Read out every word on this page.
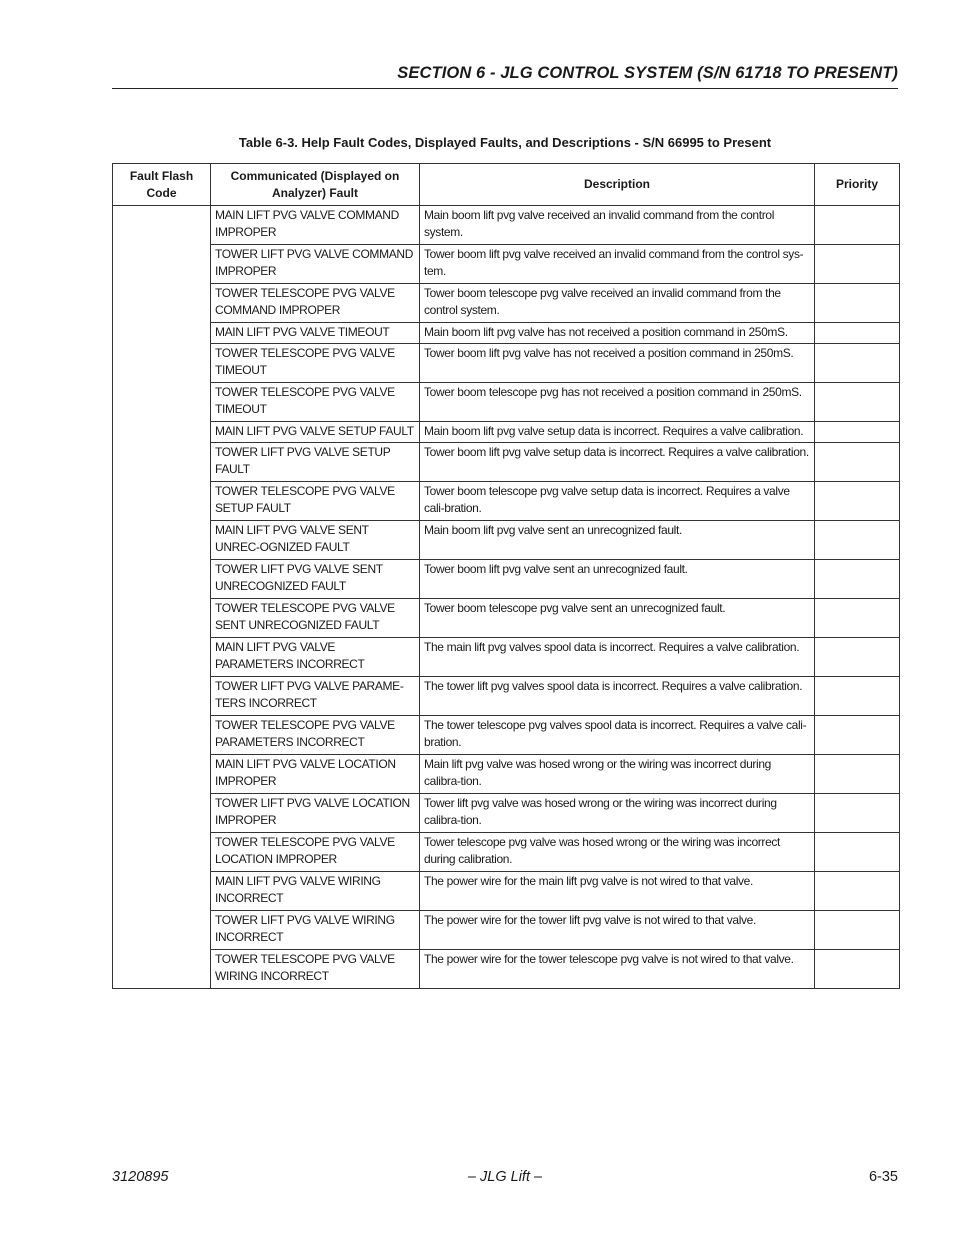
SECTION 6 - JLG CONTROL SYSTEM (S/N 61718 TO PRESENT)
Table 6-3. Help Fault Codes, Displayed Faults, and Descriptions - S/N 66995 to Present
Fault Flash Code	Communicated (Displayed on Analyzer) Fault	Description	Priority
	MAIN LIFT PVG VALVE COMMAND IMPROPER	Main boom lift pvg valve received an invalid command from the control system.	
	TOWER LIFT PVG VALVE COMMAND IMPROPER	Tower boom lift pvg valve received an invalid command from the control sys-tem.	
	TOWER TELESCOPE PVG VALVE COMMAND IMPROPER	Tower boom telescope pvg valve received an invalid command from the control system.	
	MAIN LIFT PVG VALVE TIMEOUT	Main boom lift pvg valve has not received a position command in 250mS.	
	TOWER TELESCOPE PVG VALVE TIMEOUT	Tower boom lift pvg valve has not received a position command in 250mS.	
	TOWER TELESCOPE PVG VALVE TIMEOUT	Tower boom telescope pvg has not received a position command in 250mS.	
	MAIN LIFT PVG VALVE SETUP FAULT	Main boom lift pvg valve setup data is incorrect. Requires a valve calibration.	
	TOWER LIFT PVG VALVE SETUP FAULT	Tower boom lift pvg valve setup data is incorrect. Requires a valve calibration.	
	TOWER TELESCOPE PVG VALVE SETUP FAULT	Tower boom telescope pvg valve setup data is incorrect. Requires a valve cali-bration.	
	MAIN LIFT PVG VALVE SENT UNREC-OGNIZED FAULT	Main boom lift pvg valve sent an unrecognized fault.	
	TOWER LIFT PVG VALVE SENT UNRECOGNIZED FAULT	Tower boom lift pvg valve sent an unrecognized fault.	
	TOWER TELESCOPE PVG VALVE SENT UNRECOGNIZED FAULT	Tower boom telescope pvg valve sent an unrecognized fault.	
	MAIN LIFT PVG VALVE PARAMETERS INCORRECT	The main lift pvg valves spool data is incorrect. Requires a valve calibration.	
	TOWER LIFT PVG VALVE PARAME-TERS INCORRECT	The tower lift pvg valves spool data is incorrect. Requires a valve calibration.	
	TOWER TELESCOPE PVG VALVE PARAMETERS INCORRECT	The tower telescope pvg valves spool data is incorrect. Requires a valve cali-bration.	
	MAIN LIFT PVG VALVE LOCATION IMPROPER	Main lift pvg valve was hosed wrong or the wiring was incorrect during calibra-tion.	
	TOWER LIFT PVG VALVE LOCATION IMPROPER	Tower lift pvg valve was hosed wrong or the wiring was incorrect during calibra-tion.	
	TOWER TELESCOPE PVG VALVE LOCATION IMPROPER	Tower telescope pvg valve was hosed wrong or the wiring was incorrect during calibration.	
	MAIN LIFT PVG VALVE WIRING INCORRECT	The power wire for the main lift pvg valve is not wired to that valve.	
	TOWER LIFT PVG VALVE WIRING INCORRECT	The power wire for the tower lift pvg valve is not wired to that valve.	
	TOWER TELESCOPE PVG VALVE WIRING INCORRECT	The power wire for the tower telescope pvg valve is not wired to that valve.	
3120895	– JLG Lift –	6-35
